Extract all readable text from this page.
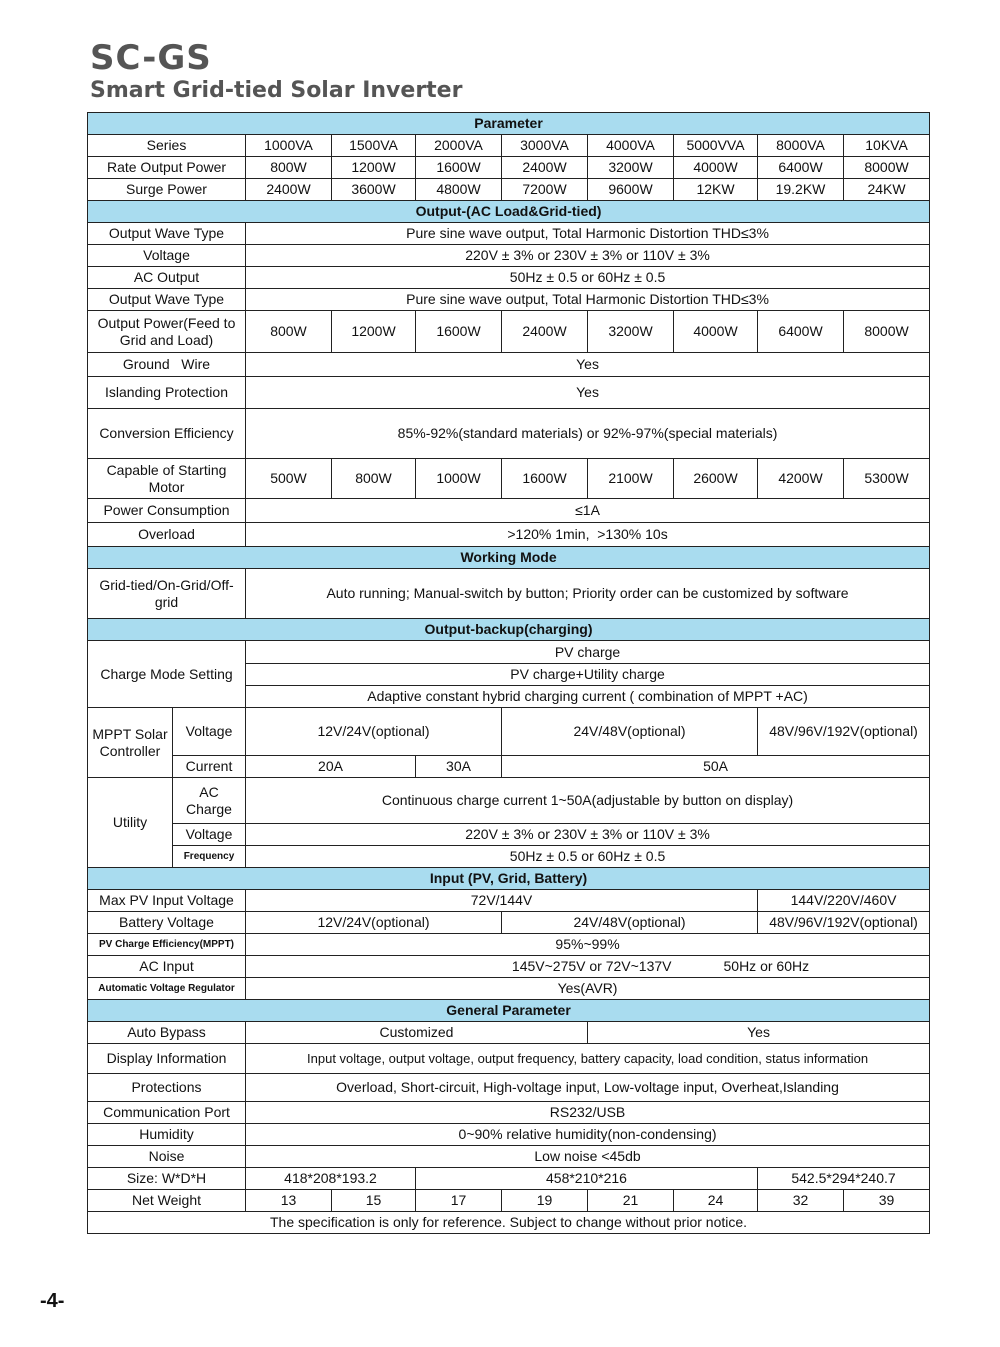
SC-GS
Smart Grid-tied Solar Inverter
Parameter									
Series		1000VA	1500VA	2000VA	3000VA	4000VA	5000VVA	8000VA	10KVA
Rate Output Power		800W	1200W	1600W	2400W	3200W	4000W	6400W	8000W
Surge Power		2400W	3600W	4800W	7200W	9600W	12KW	19.2KW	24KW
Output-(AC Load&Grid-tied)									
Output Wave Type		Pure sine wave output, Total Harmonic Distortion THD≤3%							
Voltage		220V ± 3% or 230V ± 3% or 110V ± 3%							
AC Output		50Hz ± 0.5 or 60Hz ± 0.5							
Output Wave Type		Pure sine wave output, Total Harmonic Distortion THD≤3%							
Output Power(Feed to Grid and Load)		800W	1200W	1600W	2400W	3200W	4000W	6400W	8000W
Ground   Wire		Yes							
Islanding Protection		Yes							
Conversion Efficiency		85%-92%(standard materials) or 92%-97%(special materials)							
Capable of Starting Motor		500W	800W	1000W	1600W	2100W	2600W	4200W	5300W
Power Consumption		≤1A							
Overload		>120% 1min,  >130% 10s							
Working Mode									
Grid-tied/On-Grid/Off-grid		Auto running; Manual-switch by button; Priority order can be customized by software							
Output-backup(charging)									
Charge Mode Setting		PV charge							
		PV charge+Utility charge							
		Adaptive constant hybrid charging current ( combination of MPPT +AC)							
MPPT Solar Controller	Voltage	12V/24V(optional)			24V/48V(optional)			48V/96V/192V(optional)	
	Current	20A		30A	50A				
Utility	AC Charge	Continuous charge current 1~50A(adjustable by button on display)							
	Voltage	220V ± 3% or 230V ± 3% or 110V ± 3%							
	Frequency	50Hz ± 0.5 or 60Hz ± 0.5							
Input (PV, Grid, Battery)									
Max PV Input Voltage		72V/144V						144V/220V/460V	
Battery Voltage		12V/24V(optional)			24V/48V(optional)			48V/96V/192V(optional)	
PV Charge Efficiency(MPPT)		95%~99%							
AC Input		145V~275V or 72V~137V					50Hz or 60Hz		
Automatic Voltage Regulator		Yes(AVR)							
General Parameter									
Auto Bypass		Customized				Yes			
Display Information		Input voltage, output voltage, output frequency, battery capacity, load condition, status information							
Protections		Overload, Short-circuit, High-voltage input, Low-voltage input, Overheat,Islanding							
Communication Port		RS232/USB							
Humidity		0~90% relative humidity(non-condensing)							
Noise		Low noise <45db							
Size: W*D*H		418*208*193.2		458*210*216				542.5*294*240.7	
Net Weight		13	15	17	19	21	24	32	39
The specification is only for reference. Subject to change without prior notice.									
-4-
